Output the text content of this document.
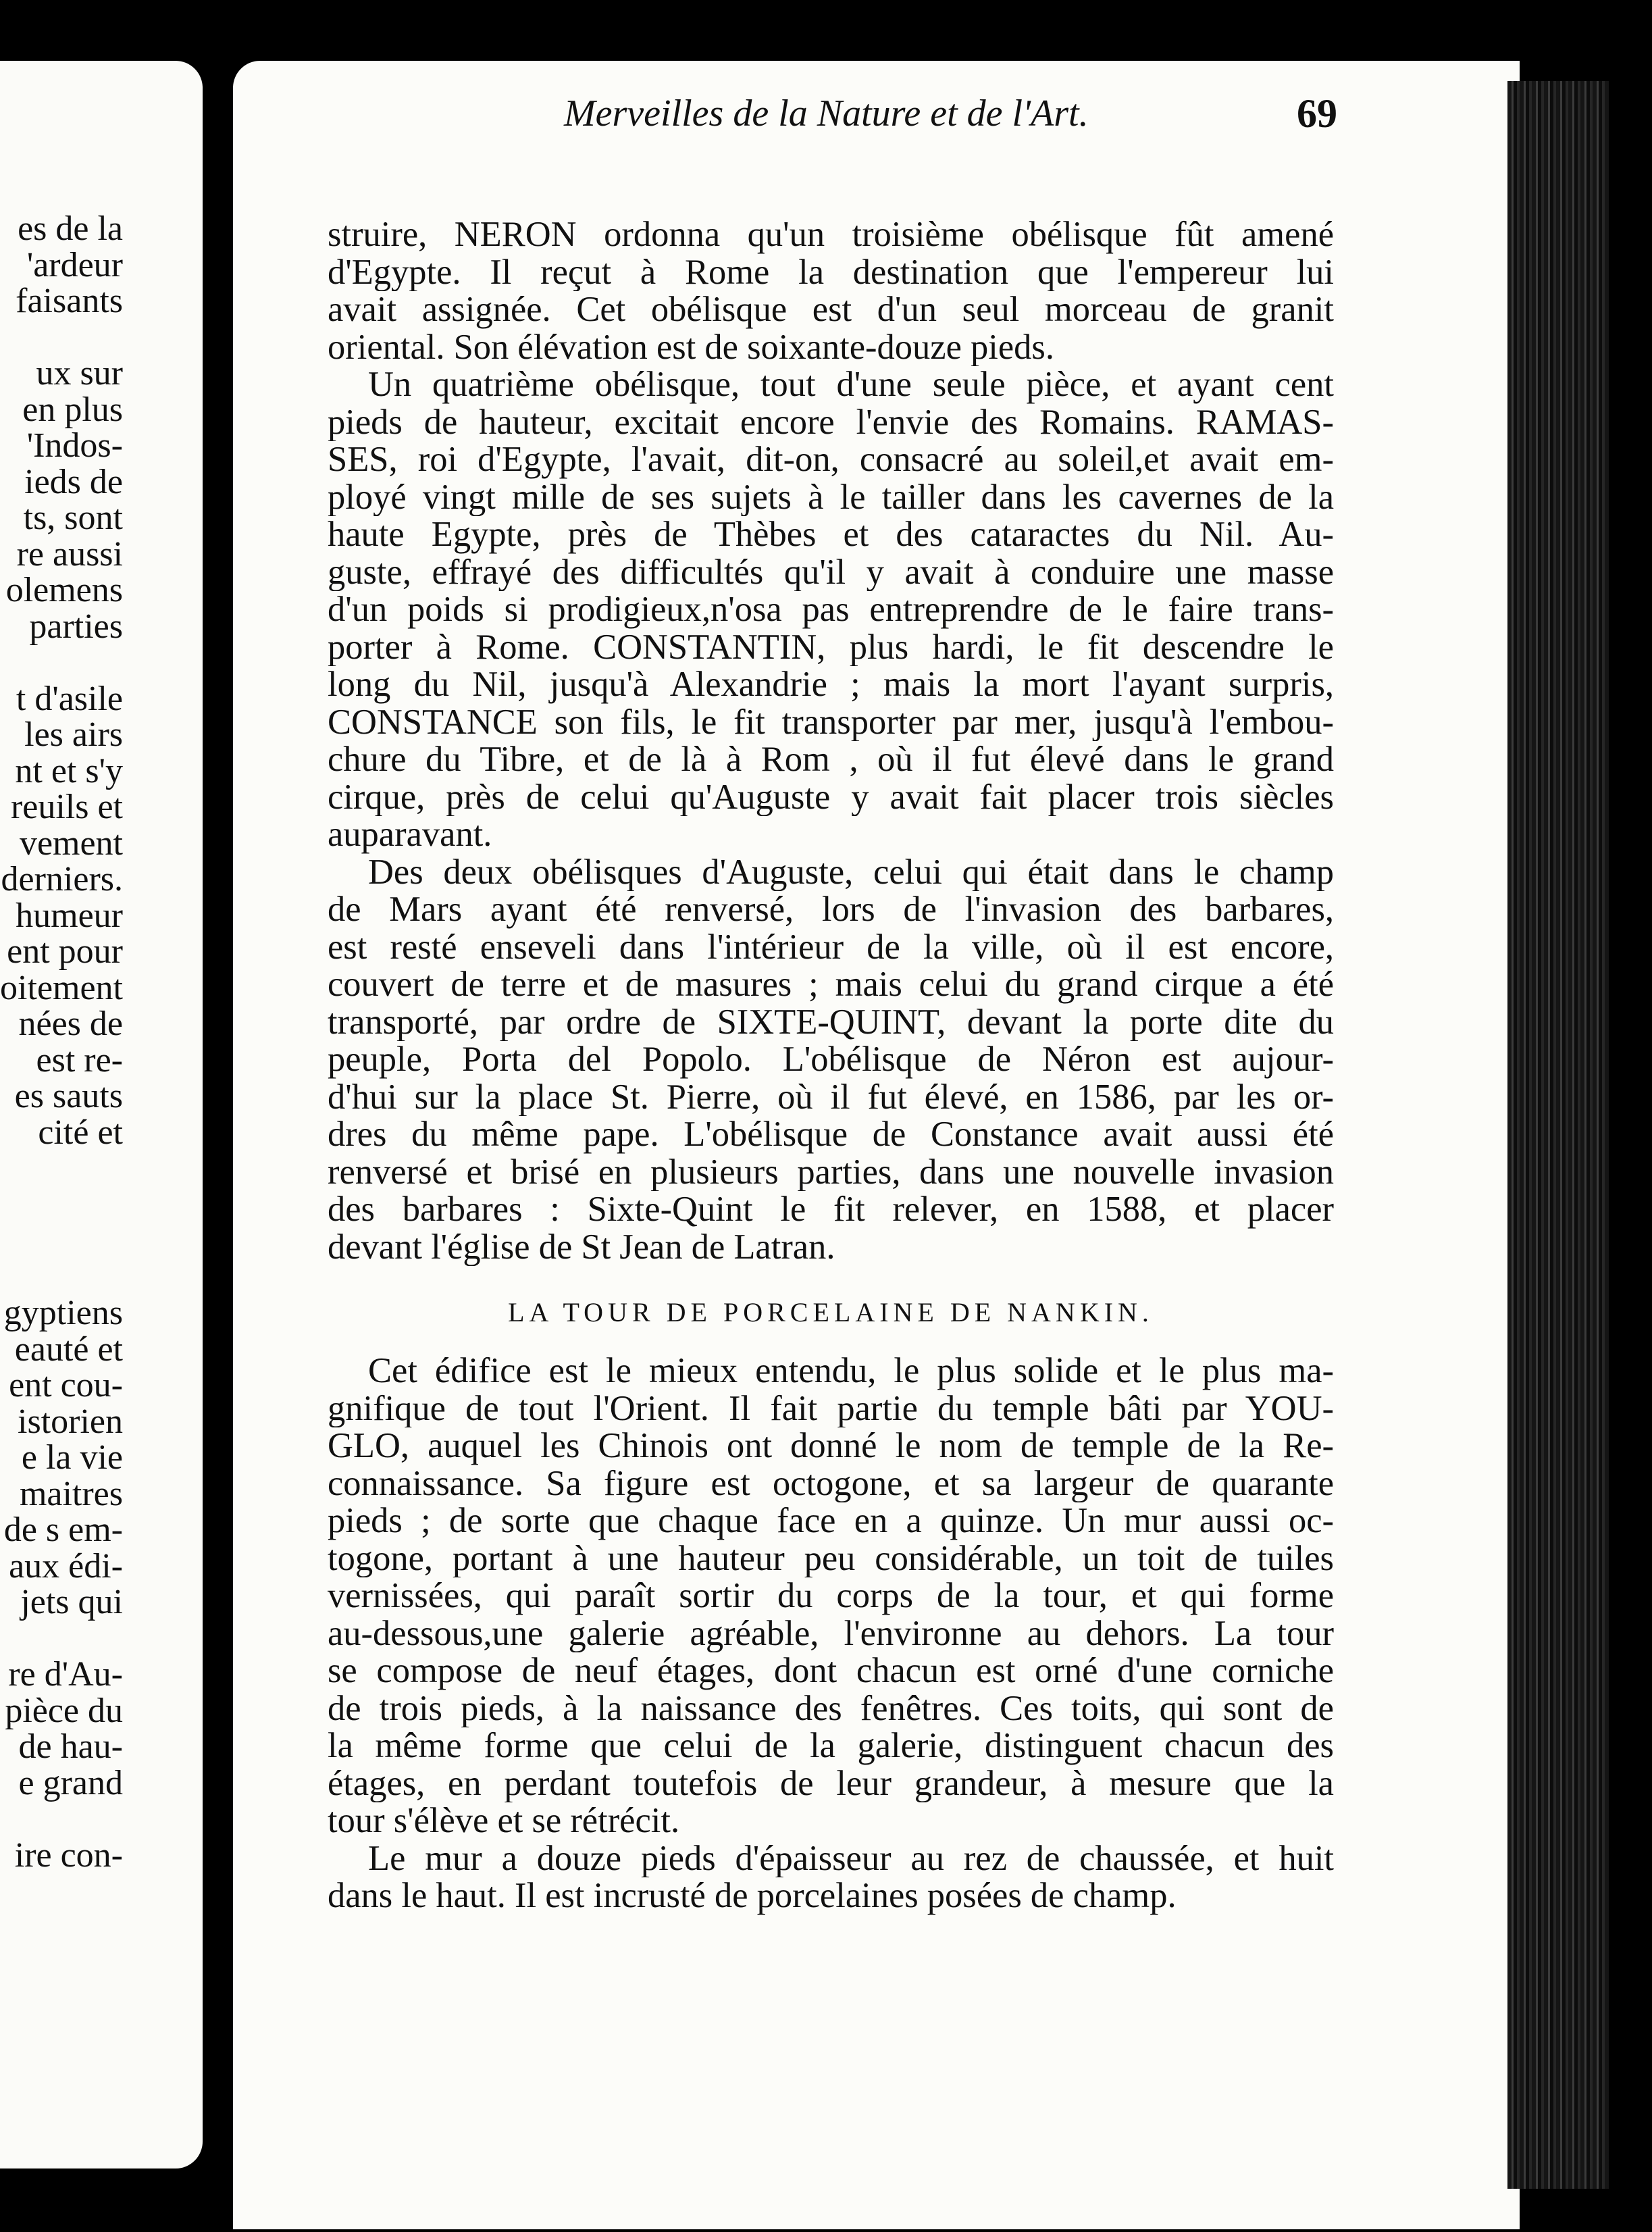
es de la
'ardeur
faisants
ux sur
en plus
'Indos-
ieds de
ts, sont
re aussi
olemens
parties
t d'asile
les airs
nt et s'y
reuils et
vement
derniers.
humeur
ent pour
oitement
nées de
est re-
es sauts
cité et
gyptiens
eauté et
ent cou-
istorien
e la vie
maitres
de s em-
aux édi-
jets qui
re d'Au-
pièce du
de hau-
e grand
ire con-
Merveilles de la Nature et de l'Art.	69
struire, NERON ordonna qu'un troisième obélisque fût amené
d'Egypte. Il reçut à Rome la destination que l'empereur lui
avait assignée. Cet obélisque est d'un seul morceau de granit
oriental. Son élévation est de soixante-douze pieds.
Un quatrième obélisque, tout d'une seule pièce, et ayant cent
pieds de hauteur, excitait encore l'envie des Romains. RAMAS-
SES, roi d'Egypte, l'avait, dit-on, consacré au soleil,et avait em-
ployé vingt mille de ses sujets à le tailler dans les cavernes de la
haute Egypte, près de Thèbes et des cataractes du Nil. Au-
guste, effrayé des difficultés qu'il y avait à conduire une masse
d'un poids si prodigieux,n'osa pas entreprendre de le faire trans-
porter à Rome. CONSTANTIN, plus hardi, le fit descendre le
long du Nil, jusqu'à Alexandrie ; mais la mort l'ayant surpris,
CONSTANCE son fils, le fit transporter par mer, jusqu'à l'embou-
chure du Tibre, et de là à Rom , où il fut élevé dans le grand
cirque, près de celui qu'Auguste y avait fait placer trois siècles
auparavant.
Des deux obélisques d'Auguste, celui qui était dans le champ
de Mars ayant été renversé, lors de l'invasion des barbares,
est resté enseveli dans l'intérieur de la ville, où il est encore,
couvert de terre et de masures ; mais celui du grand cirque a été
transporté, par ordre de SIXTE-QUINT, devant la porte dite du
peuple, Porta del Popolo. L'obélisque de Néron est aujour-
d'hui sur la place St. Pierre, où il fut élevé, en 1586, par les or-
dres du même pape. L'obélisque de Constance avait aussi été
renversé et brisé en plusieurs parties, dans une nouvelle invasion
des barbares : Sixte-Quint le fit relever, en 1588, et placer
devant l'église de St Jean de Latran.
LA TOUR DE PORCELAINE DE NANKIN.
Cet édifice est le mieux entendu, le plus solide et le plus ma-
gnifique de tout l'Orient. Il fait partie du temple bâti par YOU-
GLO, auquel les Chinois ont donné le nom de temple de la Re-
connaissance. Sa figure est octogone, et sa largeur de quarante
pieds ; de sorte que chaque face en a quinze. Un mur aussi oc-
togone, portant à une hauteur peu considérable, un toit de tuiles
vernissées, qui paraît sortir du corps de la tour, et qui forme
au-dessous,une galerie agréable, l'environne au dehors. La tour
se compose de neuf étages, dont chacun est orné d'une corniche
de trois pieds, à la naissance des fenêtres. Ces toits, qui sont de
la même forme que celui de la galerie, distinguent chacun des
étages, en perdant toutefois de leur grandeur, à mesure que la
tour s'élève et se rétrécit.
Le mur a douze pieds d'épaisseur au rez de chaussée, et huit
dans le haut. Il est incrusté de porcelaines posées de champ.
